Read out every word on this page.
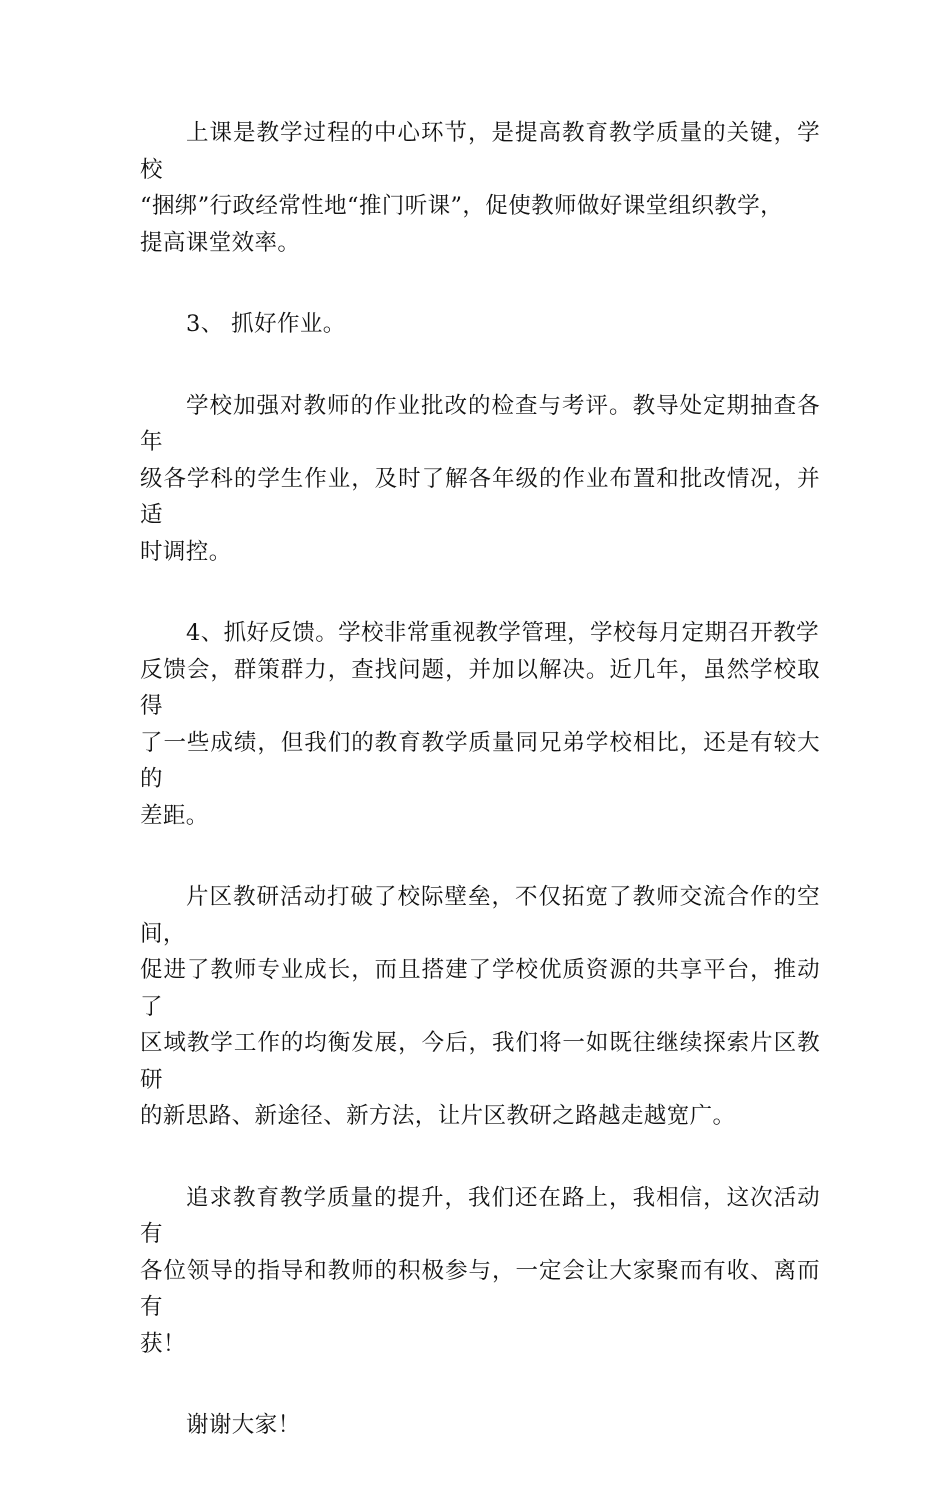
上课是教学过程的中心环节，是提高教育教学质量的关键，学校
“捆绑”行政经常性地“推门听课”，促使教师做好课堂组织教学，
提高课堂效率。

3、 抓好作业。

学校加强对教师的作业批改的检查与考评。教导处定期抽查各年
级各学科的学生作业，及时了解各年级的作业布置和批改情况，并适
时调控。

4、抓好反馈。学校非常重视教学管理，学校每月定期召开教学
反馈会，群策群力，查找问题，并加以解决。近几年，虽然学校取得
了一些成绩，但我们的教育教学质量同兄弟学校相比，还是有较大的
差距。

片区教研活动打破了校际壁垒，不仅拓宽了教师交流合作的空间，
促进了教师专业成长，而且搭建了学校优质资源的共享平台，推动了
区域教学工作的均衡发展，今后，我们将一如既往继续探索片区教研
的新思路、新途径、新方法，让片区教研之路越走越宽广。

追求教育教学质量的提升，我们还在路上，我相信，这次活动有
各位领导的指导和教师的积极参与，一定会让大家聚而有收、离而有
获！

谢谢大家！
